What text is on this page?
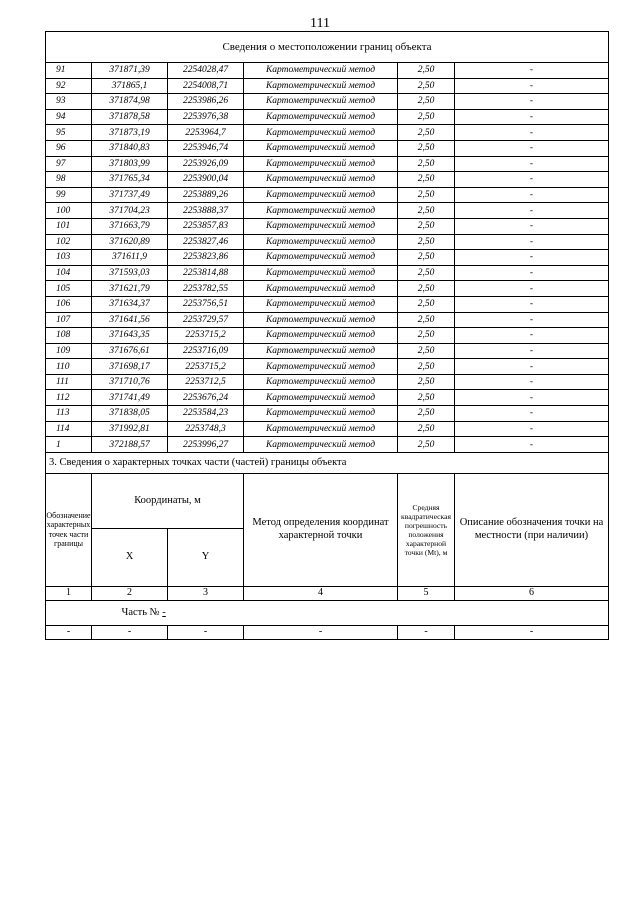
111
Сведения о местоположении границ объекта					
91	371871,39	2254028,47	Картометрический метод	2,50	-
92	371865,1	2254008,71	Картометрический метод	2,50	-
93	371874,98	2253986,26	Картометрический метод	2,50	-
94	371878,58	2253976,38	Картометрический метод	2,50	-
95	371873,19	2253964,7	Картометрический метод	2,50	-
96	371840,83	2253946,74	Картометрический метод	2,50	-
97	371803,99	2253926,09	Картометрический метод	2,50	-
98	371765,34	2253900,04	Картометрический метод	2,50	-
99	371737,49	2253889,26	Картометрический метод	2,50	-
100	371704,23	2253888,37	Картометрический метод	2,50	-
101	371663,79	2253857,83	Картометрический метод	2,50	-
102	371620,89	2253827,46	Картометрический метод	2,50	-
103	371611,9	2253823,86	Картометрический метод	2,50	-
104	371593,03	2253814,88	Картометрический метод	2,50	-
105	371621,79	2253782,55	Картометрический метод	2,50	-
106	371634,37	2253756,51	Картометрический метод	2,50	-
107	371641,56	2253729,57	Картометрический метод	2,50	-
108	371643,35	2253715,2	Картометрический метод	2,50	-
109	371676,61	2253716,09	Картометрический метод	2,50	-
110	371698,17	2253715,2	Картометрический метод	2,50	-
111	371710,76	2253712,5	Картометрический метод	2,50	-
112	371741,49	2253676,24	Картометрический метод	2,50	-
113	371838,05	2253584,23	Картометрический метод	2,50	-
114	371992,81	2253748,3	Картометрический метод	2,50	-
1	372188,57	2253996,27	Картометрический метод	2,50	-
3. Сведения о характерных точках части (частей) границы объекта					
Обозначение характерных точек части границы	Координаты, м		Метод определения координат характерной точки	Средняя квадратическая погрешность положения характерной точки (Mt), м	Описание обозначения точки на местности (при наличии)
	X	Y			
1	2	3	4	5	6
	Часть № -				
-	-	-	-	-	-
